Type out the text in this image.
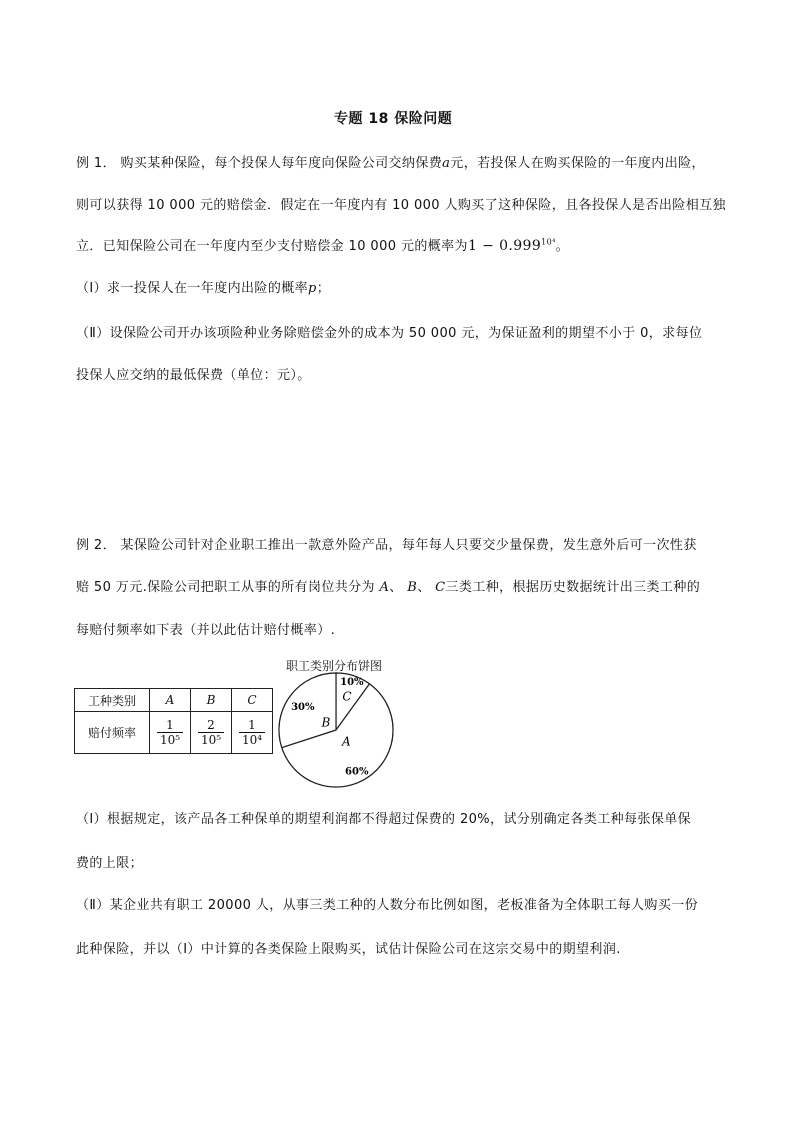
专题 18 保险问题
例 1． 购买某种保险，每个投保人每年度向保险公司交纳保费a元，若投保人在购买保险的一年度内出险，
则可以获得 10 000 元的赔偿金．假定在一年度内有 10 000 人购买了这种保险，且各投保人是否出险相互独
立．已知保险公司在一年度内至少支付赔偿金 10 000 元的概率为$1 - 0.999^{10^4}$。
（Ⅰ）求一投保人在一年度内出险的概率p；
（Ⅱ）设保险公司开办该项险种业务除赔偿金外的成本为 50 000 元，为保证盈利的期望不小于 0，求每位
投保人应交纳的最低保费（单位：元）。
例 2． 某保险公司针对企业职工推出一款意外险产品，每年每人只要交少量保费，发生意外后可一次性获
赔 50 万元.保险公司把职工从事的所有岗位共分为 A、 B、 C三类工种，根据历史数据统计出三类工种的
每赔付频率如下表（并以此估计赔付概率）.
工种类别	A	B	C
赔付频率	$\frac{1}{\text{10⁵}}$	$\frac{2}{\text{10⁵}}$	$\frac{1}{\text{10⁴}}$
职工类别分布饼图
C
10%
A
60%
B
30%
（Ⅰ）根据规定，该产品各工种保单的期望利润都不得超过保费的 20%，试分别确定各类工种每张保单保
费的上限；
（Ⅱ）某企业共有职工 20000 人，从事三类工种的人数分布比例如图，老板准备为全体职工每人购买一份
此种保险，并以（Ⅰ）中计算的各类保险上限购买，试估计保险公司在这宗交易中的期望利润.
